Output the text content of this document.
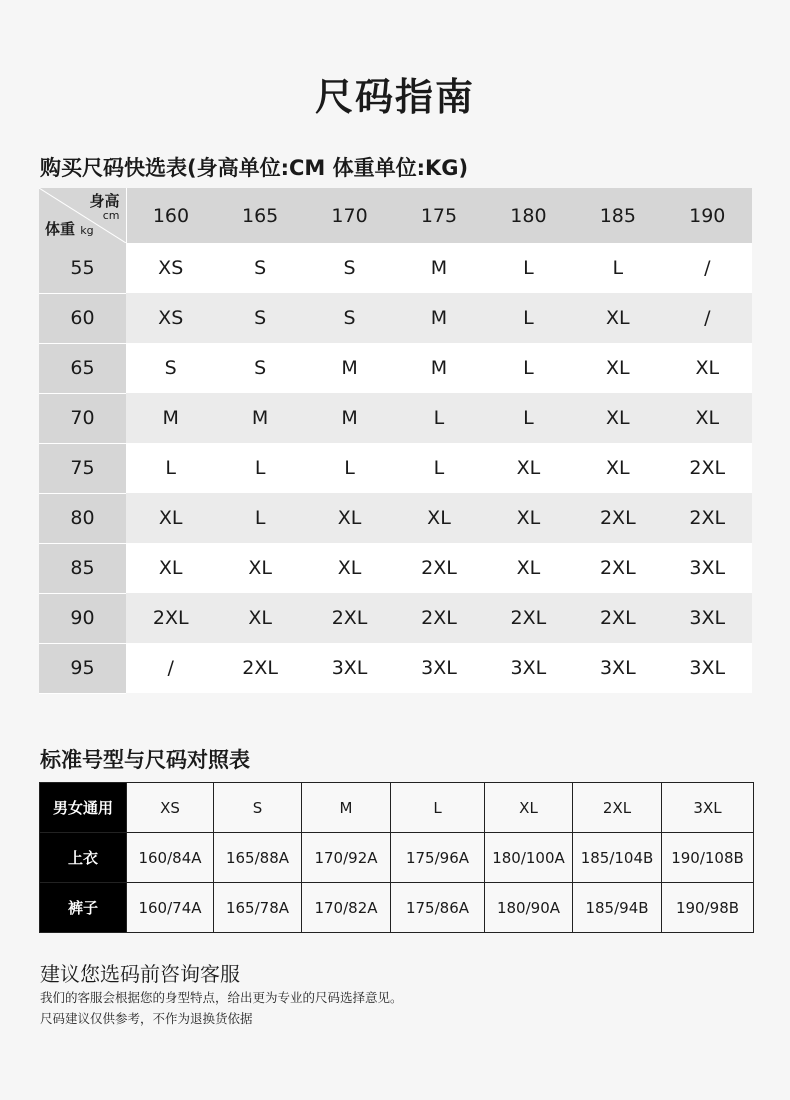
尺码指南
购买尺码快选表(身高单位:CM 体重单位:KG)
身高
cm
体重 kg	160	165	170	175	180	185	190
55	XS	S	S	M	L	L	/
60	XS	S	S	M	L	XL	/
65	S	S	M	M	L	XL	XL
70	M	M	M	L	L	XL	XL
75	L	L	L	L	XL	XL	2XL
80	XL	L	XL	XL	XL	2XL	2XL
85	XL	XL	XL	2XL	XL	2XL	3XL
90	2XL	XL	2XL	2XL	2XL	2XL	3XL
95	/	2XL	3XL	3XL	3XL	3XL	3XL
标准号型与尺码对照表
男女通用	XS	S	M	L	XL	2XL	3XL
上衣	160/84A	165/88A	170/92A	175/96A	180/100A	185/104B	190/108B
裤子	160/74A	165/78A	170/82A	175/86A	180/90A	185/94B	190/98B
建议您选码前咨询客服
我们的客服会根据您的身型特点，给出更为专业的尺码选择意见。
尺码建议仅供参考，不作为退换货依据
